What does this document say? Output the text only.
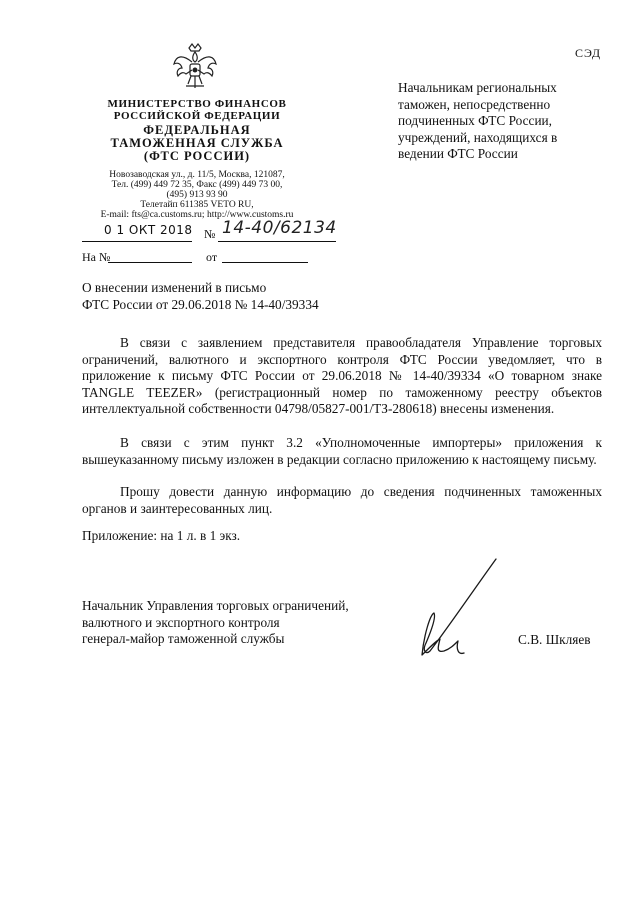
СЭД
МИНИСТЕРСТВО ФИНАНСОВ РОССИЙСКОЙ ФЕДЕРАЦИИ
ФЕДЕРАЛЬНАЯ
ТАМОЖЕННАЯ СЛУЖБА
(ФТС РОССИИ)
Новозаводская ул., д. 11/5, Москва, 121087,
Тел. (499) 449 72 35, Факс (499) 449 73 00,
(495) 913 93 90
Телетайп 611385 VETO RU,
E-mail: fts@ca.customs.ru; http://www.customs.ru
0 1 ОКТ 2018 № 14-40/62134
На №	от
Начальникам региональных таможен, непосредственно подчиненных ФТС России, учреждений, находящихся в ведении ФТС России
О внесении изменений в письмо
ФТС России от 29.06.2018 № 14-40/39334
В связи с заявлением представителя правообладателя Управление торговых ограничений, валютного и экспортного контроля ФТС России уведомляет, что в приложение к письму ФТС России от 29.06.2018 № 14-40/39334 «О товарном знаке TANGLE TEEZER» (регистрационный номер по таможенному реестру объектов интеллектуальной собственности 04798/05827-001/ТЗ-280618) внесены изменения.
В связи с этим пункт 3.2 «Уполномоченные импортеры» приложения к вышеуказанному письму изложен в редакции согласно приложению к настоящему письму.
Прошу довести данную информацию до сведения подчиненных таможенных органов и заинтересованных лиц.
Приложение: на 1 л. в 1 экз.
Начальник Управления торговых ограничений,
валютного и экспортного контроля
генерал-майор таможенной службы	С.В. Шкляев
